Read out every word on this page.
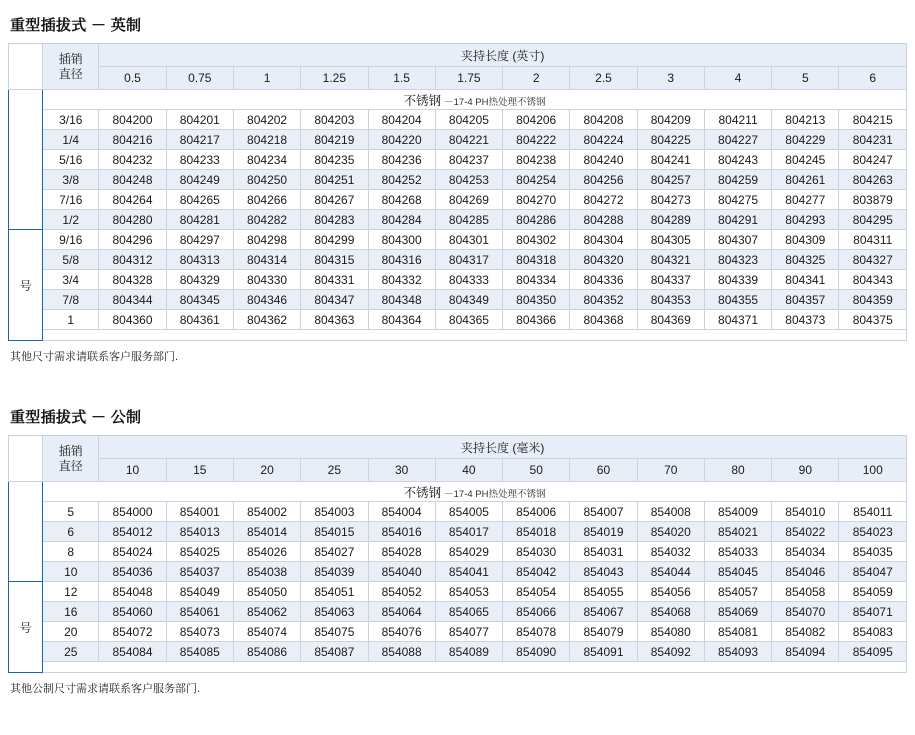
重型插拔式 － 英制

	插销
直径	夹持长度 (英寸)											
		0.5	0.75	1	1.25	1.5	1.75	2	2.5	3	4	5	6
件	不锈钢 －17-4 PH热处理不锈钢												
	3/16	804200	804201	804202	804203	804204	804205	804206	804208	804209	804211	804213	804215
	1/4	804216	804217	804218	804219	804220	804221	804222	804224	804225	804227	804229	804231
	5/16	804232	804233	804234	804235	804236	804237	804238	804240	804241	804243	804245	804247
	3/8	804248	804249	804250	804251	804252	804253	804254	804256	804257	804259	804261	804263
	7/16	804264	804265	804266	804267	804268	804269	804270	804272	804273	804275	804277	803879
	1/2	804280	804281	804282	804283	804284	804285	804286	804288	804289	804291	804293	804295
号	9/16	804296	804297	804298	804299	804300	804301	804302	804304	804305	804307	804309	804311
	5/8	804312	804313	804314	804315	804316	804317	804318	804320	804321	804323	804325	804327
	3/4	804328	804329	804330	804331	804332	804333	804334	804336	804337	804339	804341	804343
	7/8	804344	804345	804346	804347	804348	804349	804350	804352	804353	804355	804357	804359
	1	804360	804361	804362	804363	804364	804365	804366	804368	804369	804371	804373	804375

其他尺寸需求请联系客户服务部门.
重型插拔式 － 公制

	插销
直径	夹持长度 (毫米)											
		10	15	20	25	30	40	50	60	70	80	90	100
件	不锈钢 －17-4 PH热处理不锈钢												
	5	854000	854001	854002	854003	854004	854005	854006	854007	854008	854009	854010	854011
	6	854012	854013	854014	854015	854016	854017	854018	854019	854020	854021	854022	854023
	8	854024	854025	854026	854027	854028	854029	854030	854031	854032	854033	854034	854035
	10	854036	854037	854038	854039	854040	854041	854042	854043	854044	854045	854046	854047
号	12	854048	854049	854050	854051	854052	854053	854054	854055	854056	854057	854058	854059
	16	854060	854061	854062	854063	854064	854065	854066	854067	854068	854069	854070	854071
	20	854072	854073	854074	854075	854076	854077	854078	854079	854080	854081	854082	854083
	25	854084	854085	854086	854087	854088	854089	854090	854091	854092	854093	854094	854095

其他公制尺寸需求请联系客户服务部门.
